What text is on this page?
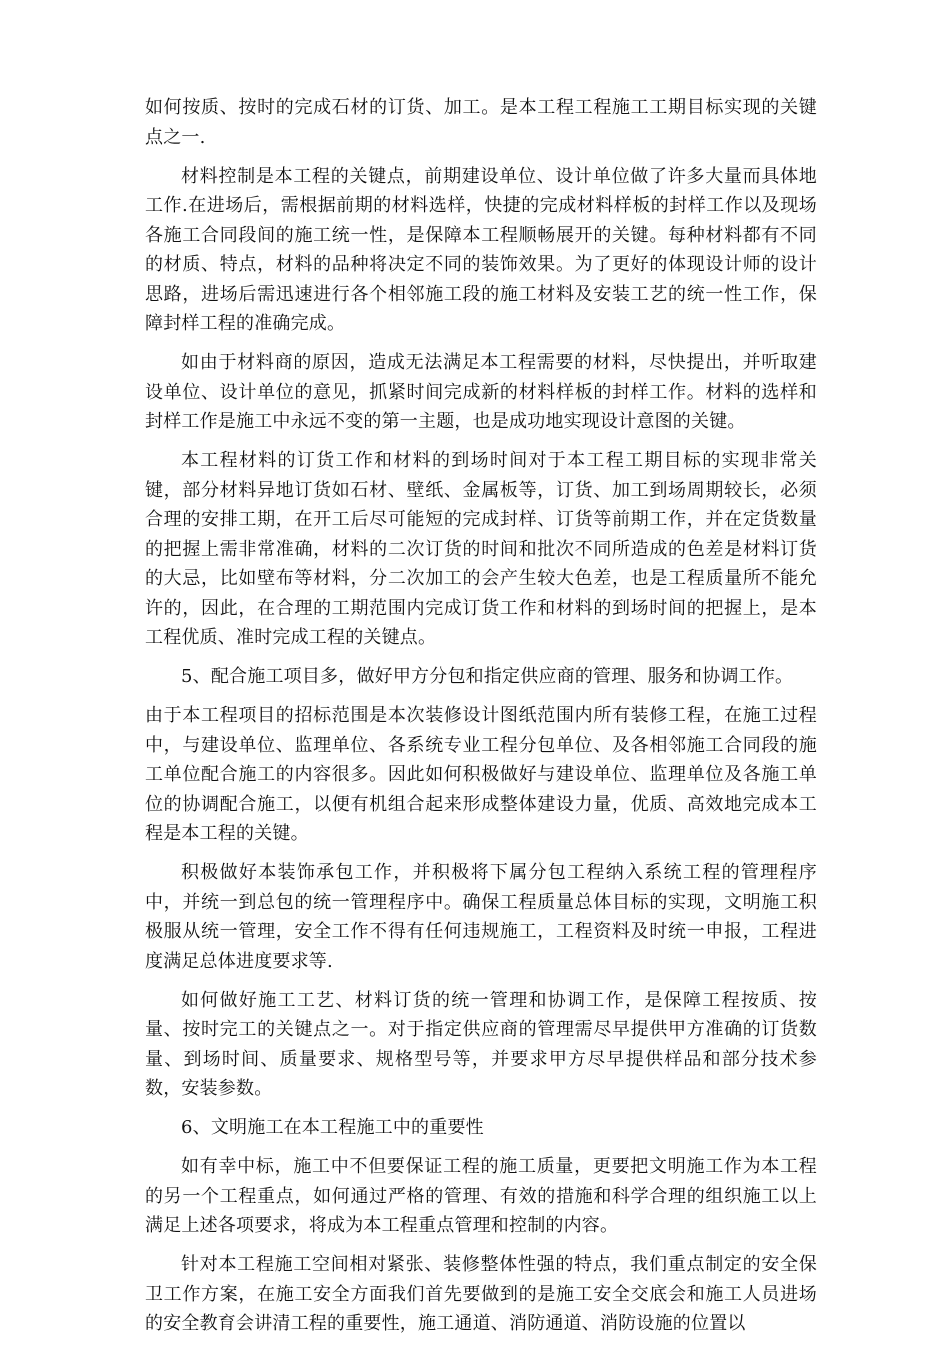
如何按质、按时的完成石材的订货、加工。是本工程工程施工工期目标实现的关键点之一.

材料控制是本工程的关键点，前期建设单位、设计单位做了许多大量而具体地工作.在进场后，需根据前期的材料选样，快捷的完成材料样板的封样工作以及现场各施工合同段间的施工统一性，是保障本工程顺畅展开的关键。每种材料都有不同的材质、特点，材料的品种将决定不同的装饰效果。为了更好的体现设计师的设计思路，进场后需迅速进行各个相邻施工段的施工材料及安装工艺的统一性工作，保障封样工程的准确完成。

如由于材料商的原因，造成无法满足本工程需要的材料，尽快提出，并听取建设单位、设计单位的意见，抓紧时间完成新的材料样板的封样工作。材料的选样和封样工作是施工中永远不变的第一主题，也是成功地实现设计意图的关键。

本工程材料的订货工作和材料的到场时间对于本工程工期目标的实现非常关键，部分材料异地订货如石材、壁纸、金属板等，订货、加工到场周期较长，必须合理的安排工期，在开工后尽可能短的完成封样、订货等前期工作，并在定货数量的把握上需非常准确，材料的二次订货的时间和批次不同所造成的色差是材料订货的大忌，比如壁布等材料，分二次加工的会产生较大色差，也是工程质量所不能允许的，因此，在合理的工期范围内完成订货工作和材料的到场时间的把握上，是本工程优质、准时完成工程的关键点。

5、配合施工项目多，做好甲方分包和指定供应商的管理、服务和协调工作。

由于本工程项目的招标范围是本次装修设计图纸范围内所有装修工程，在施工过程中，与建设单位、监理单位、各系统专业工程分包单位、及各相邻施工合同段的施工单位配合施工的内容很多。因此如何积极做好与建设单位、监理单位及各施工单位的协调配合施工，以便有机组合起来形成整体建设力量，优质、高效地完成本工程是本工程的关键。

积极做好本装饰承包工作，并积极将下属分包工程纳入系统工程的管理程序中，并统一到总包的统一管理程序中。确保工程质量总体目标的实现，文明施工积极服从统一管理，安全工作不得有任何违规施工，工程资料及时统一申报，工程进度满足总体进度要求等.

如何做好施工工艺、材料订货的统一管理和协调工作，是保障工程按质、按量、按时完工的关键点之一。对于指定供应商的管理需尽早提供甲方准确的订货数量、到场时间、质量要求、规格型号等，并要求甲方尽早提供样品和部分技术参数，安装参数。

6、文明施工在本工程施工中的重要性

如有幸中标，施工中不但要保证工程的施工质量，更要把文明施工作为本工程的另一个工程重点，如何通过严格的管理、有效的措施和科学合理的组织施工以上满足上述各项要求，将成为本工程重点管理和控制的内容。

针对本工程施工空间相对紧张、装修整体性强的特点，我们重点制定的安全保卫工作方案，在施工安全方面我们首先要做到的是施工安全交底会和施工人员进场的安全教育会讲清工程的重要性，施工通道、消防通道、消防设施的位置以
